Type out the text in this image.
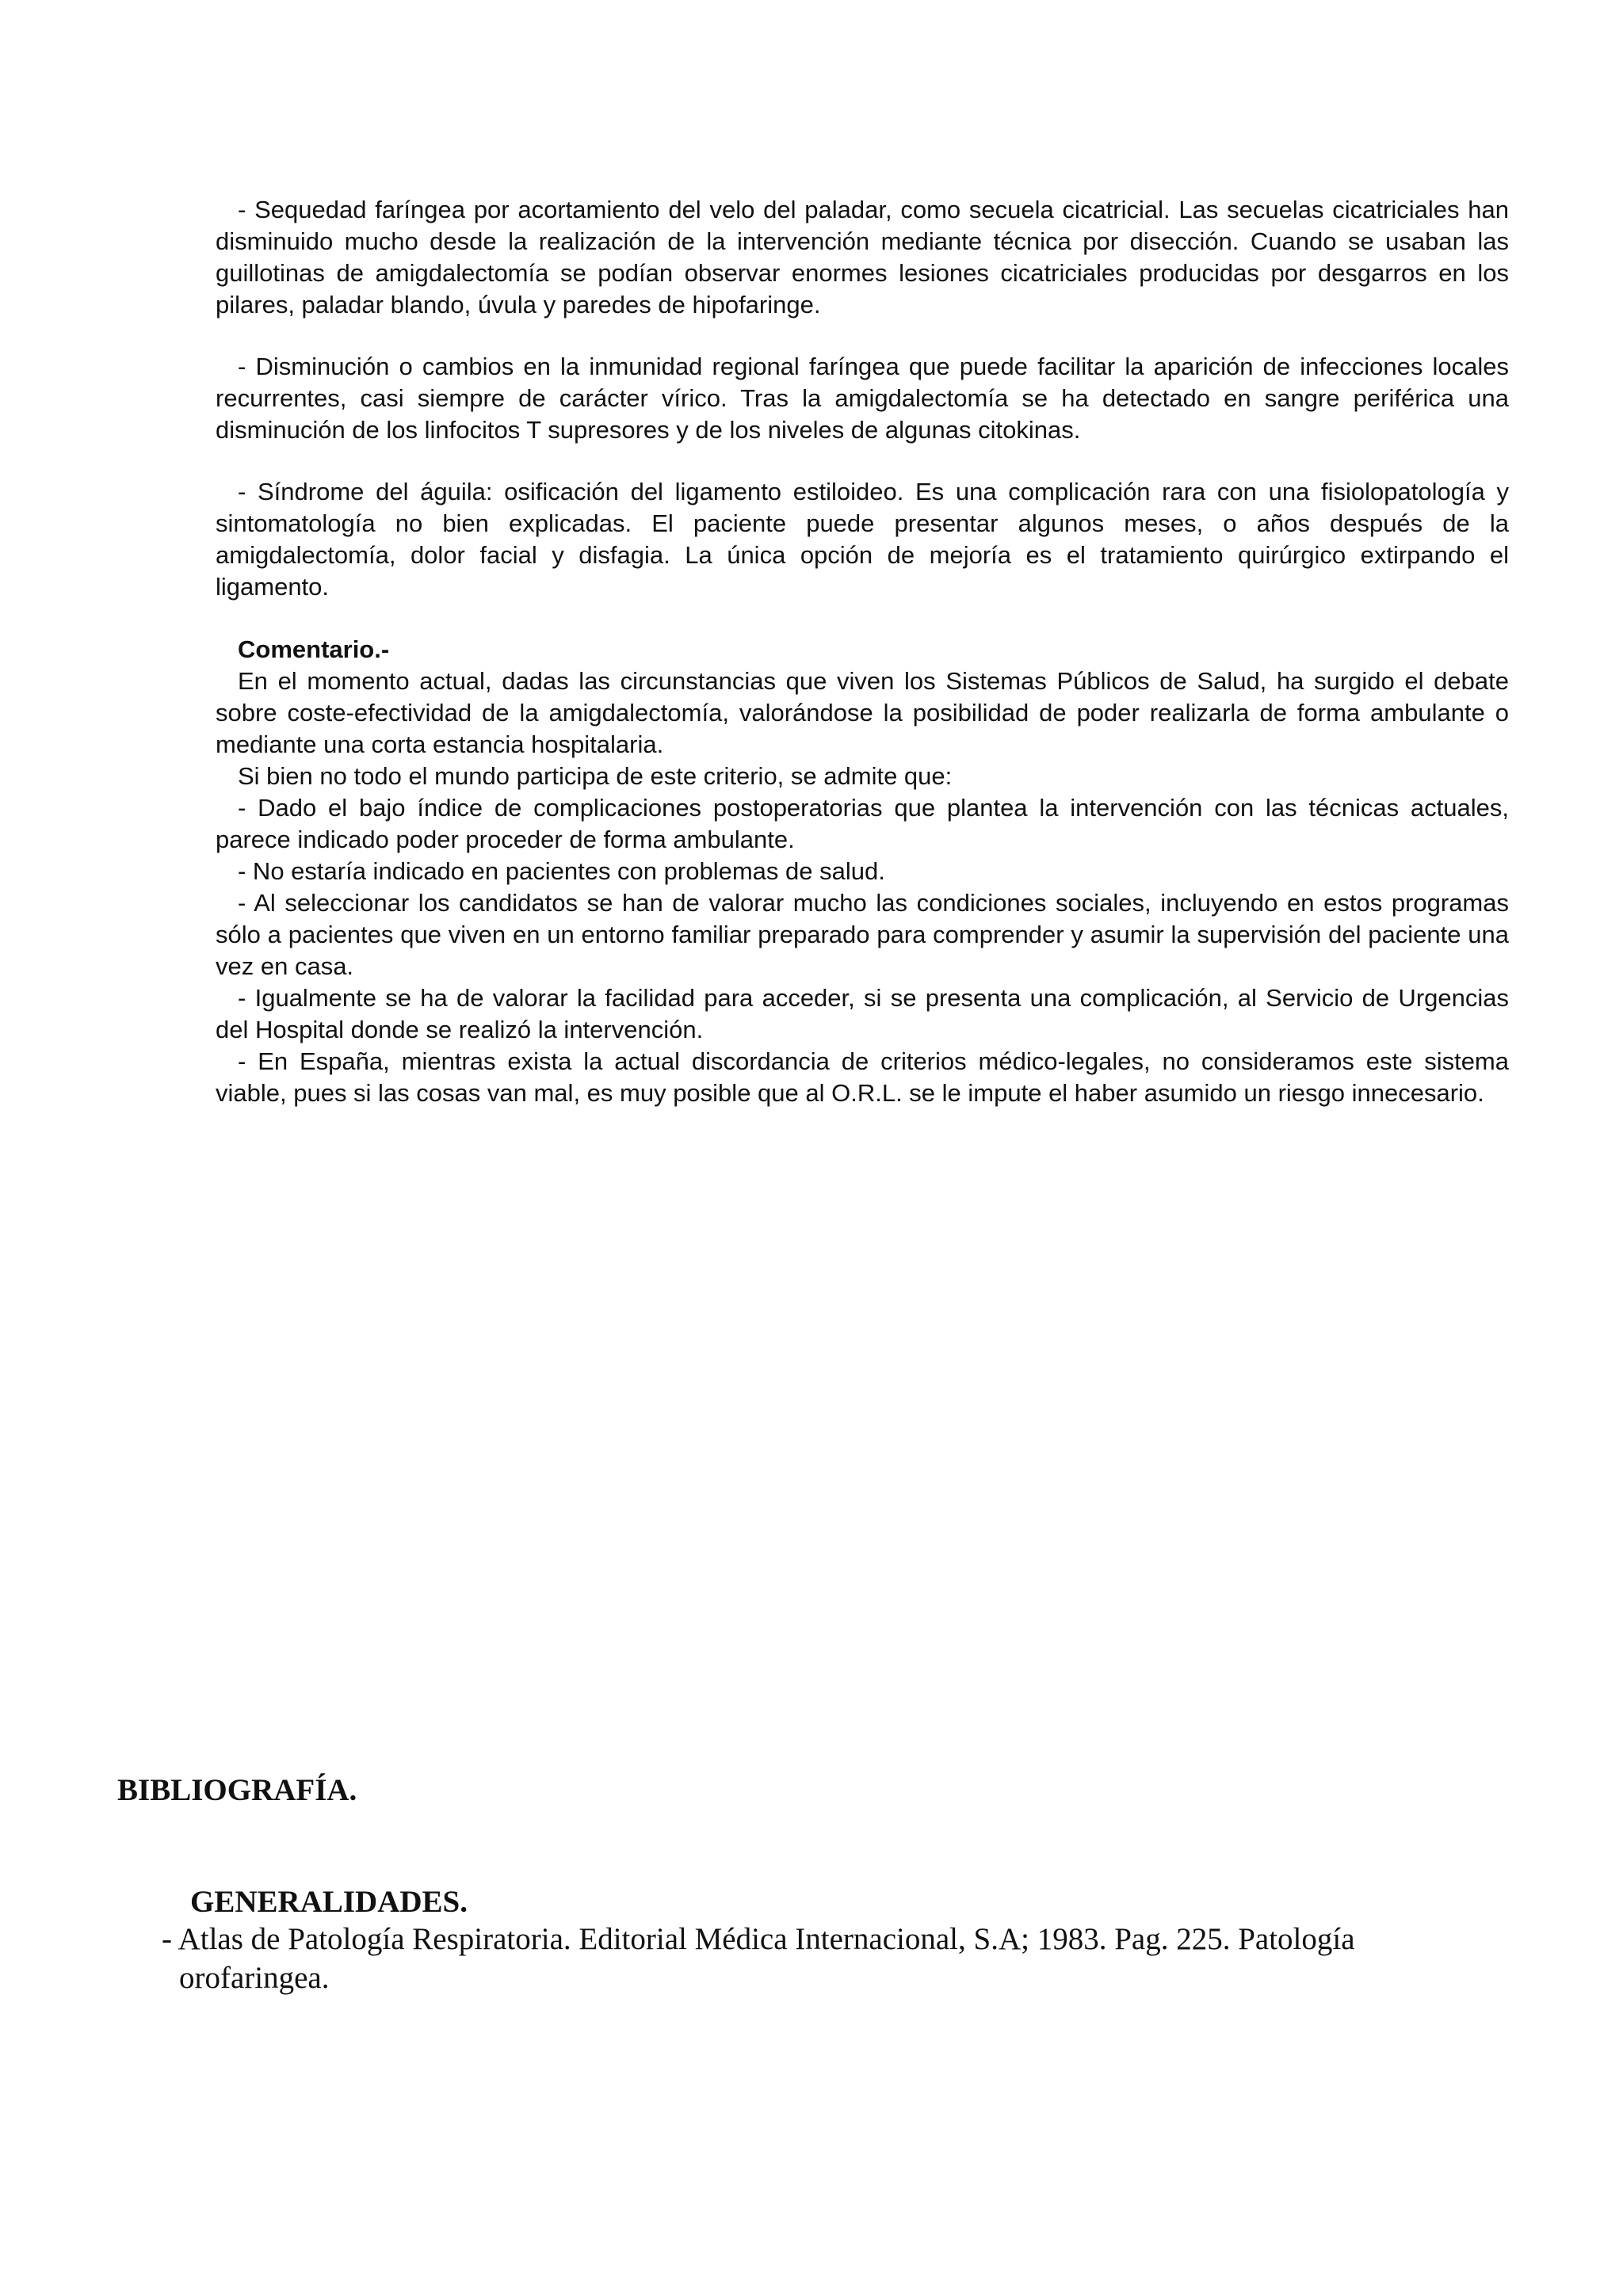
- Sequedad faríngea por acortamiento del velo del paladar, como secuela cicatricial. Las secuelas cicatriciales han disminuido mucho desde la realización de la intervención mediante técnica por disección. Cuando se usaban las guillotinas de amigdalectomía se podían observar enormes lesiones cicatriciales producidas por desgarros en los pilares, paladar blando, úvula y paredes de hipofaringe.

- Disminución o cambios en la inmunidad regional faríngea que puede facilitar la aparición de infecciones locales recurrentes, casi siempre de carácter vírico. Tras la amigdalectomía se ha detectado en sangre periférica una disminución de los linfocitos T supresores y de los niveles de algunas citokinas.

- Síndrome del águila: osificación del ligamento estiloideo. Es una complicación rara con una fisiolopatología y sintomatología no bien explicadas. El paciente puede presentar algunos meses, o años después de la amigdalectomía, dolor facial y disfagia. La única opción de mejoría es el tratamiento quirúrgico extirpando el ligamento.

Comentario.-
En el momento actual, dadas las circunstancias que viven los Sistemas Públicos de Salud, ha surgido el debate sobre coste-efectividad de la amigdalectomía, valorándose la posibilidad de poder realizarla de forma ambulante o mediante una corta estancia hospitalaria.
Si bien no todo el mundo participa de este criterio, se admite que:
- Dado el bajo índice de complicaciones postoperatorias que plantea la intervención con las técnicas actuales, parece indicado poder proceder de forma ambulante.
- No estaría indicado en pacientes con problemas de salud.
- Al seleccionar los candidatos se han de valorar mucho las condiciones sociales, incluyendo en estos programas sólo a pacientes que viven en un entorno familiar preparado para comprender y asumir la supervisión del paciente una vez en casa.
- Igualmente se ha de valorar la facilidad para acceder, si se presenta una complicación, al Servicio de Urgencias del Hospital donde se realizó la intervención.
- En España, mientras exista la actual discordancia de criterios médico-legales, no consideramos este sistema viable, pues si las cosas van mal, es muy posible que al O.R.L. se le impute el haber asumido un riesgo innecesario.
BIBLIOGRAFÍA.
GENERALIDADES.

- Atlas de Patología Respiratoria. Editorial Médica Internacional, S.A; 1983. Pag. 225. Patología orofaringea.
